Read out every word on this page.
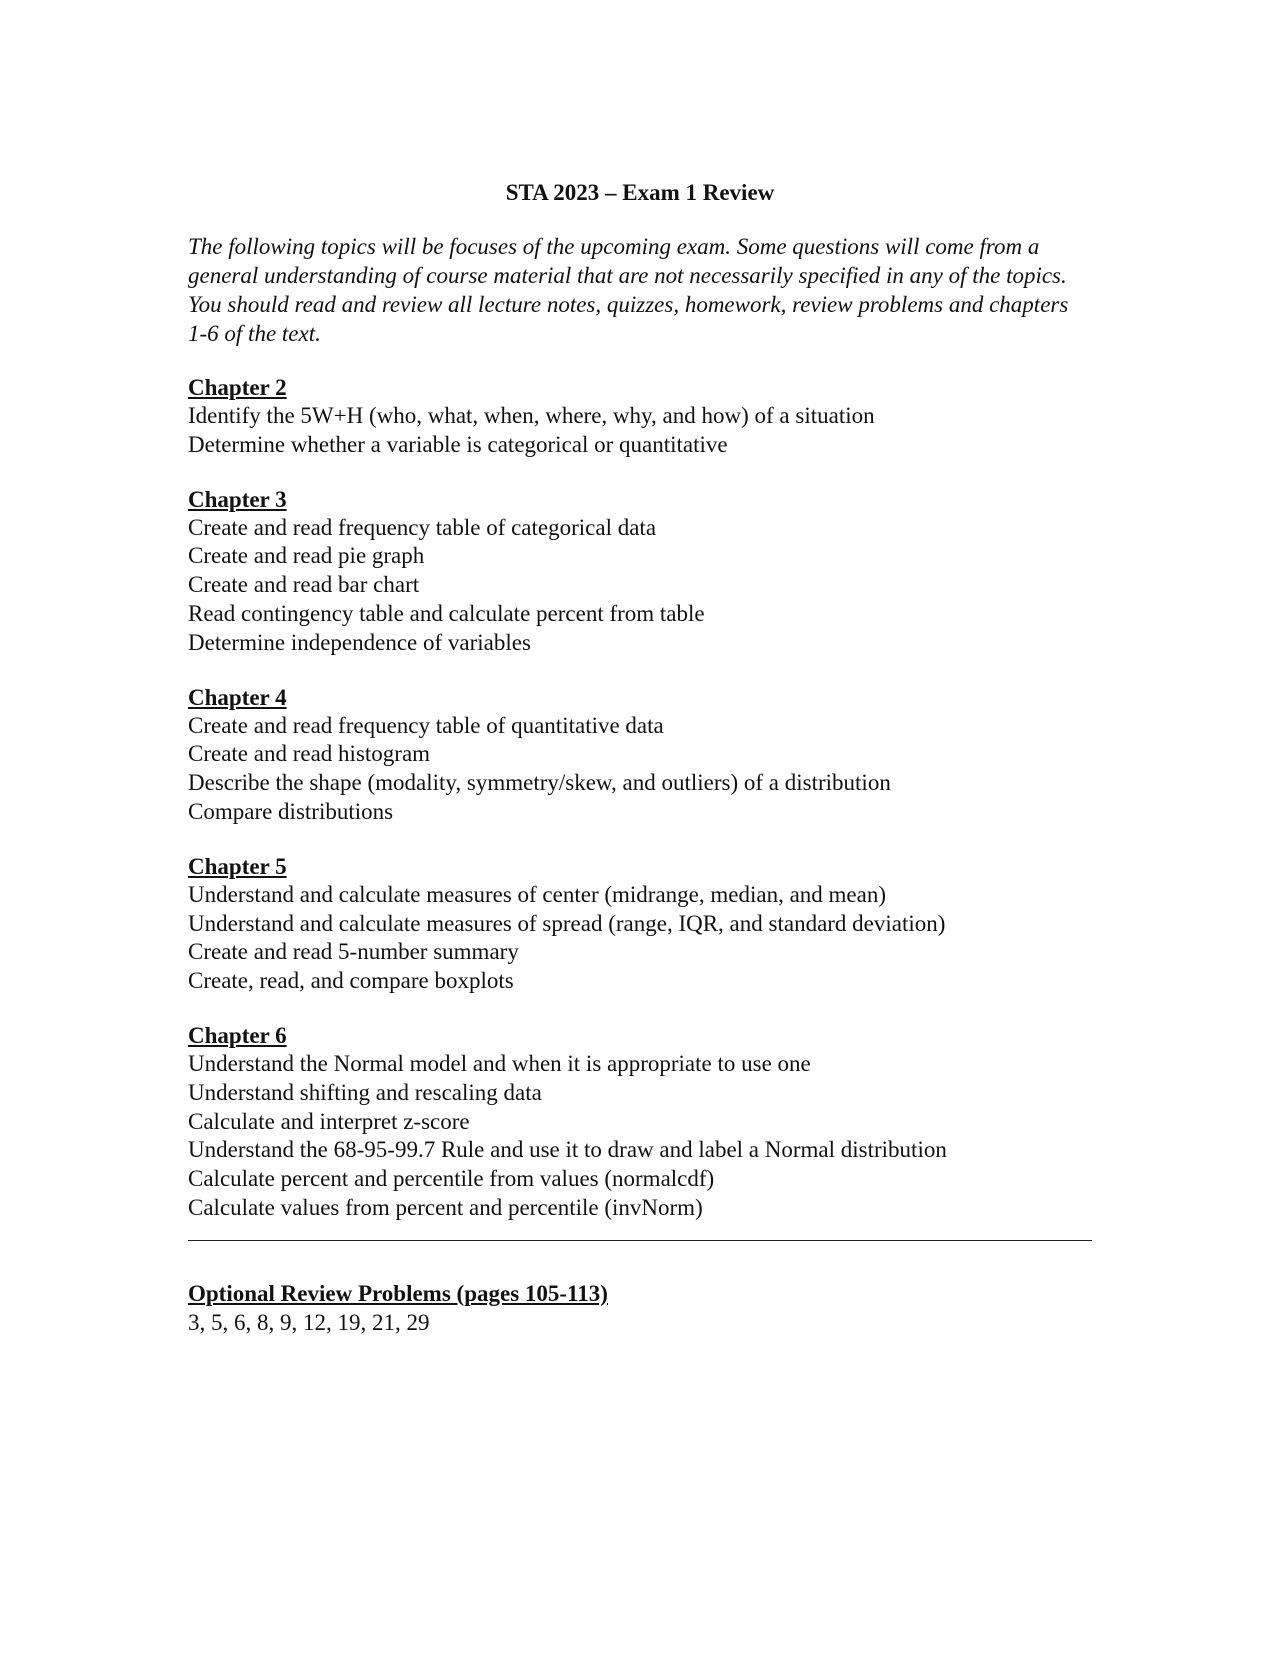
STA 2023 – Exam 1 Review
The following topics will be focuses of the upcoming exam. Some questions will come from a general understanding of course material that are not necessarily specified in any of the topics. You should read and review all lecture notes, quizzes, homework, review problems and chapters 1-6 of the text.
Chapter 2
Identify the 5W+H (who, what, when, where, why, and how) of a situation
Determine whether a variable is categorical or quantitative
Chapter 3
Create and read frequency table of categorical data
Create and read pie graph
Create and read bar chart
Read contingency table and calculate percent from table
Determine independence of variables
Chapter 4
Create and read frequency table of quantitative data
Create and read histogram
Describe the shape (modality, symmetry/skew, and outliers) of a distribution
Compare distributions
Chapter 5
Understand and calculate measures of center (midrange, median, and mean)
Understand and calculate measures of spread (range, IQR, and standard deviation)
Create and read 5-number summary
Create, read, and compare boxplots
Chapter 6
Understand the Normal model and when it is appropriate to use one
Understand shifting and rescaling data
Calculate and interpret z-score
Understand the 68-95-99.7 Rule and use it to draw and label a Normal distribution
Calculate percent and percentile from values (normalcdf)
Calculate values from percent and percentile (invNorm)
Optional Review Problems (pages 105-113)
3, 5, 6, 8, 9, 12, 19, 21, 29
